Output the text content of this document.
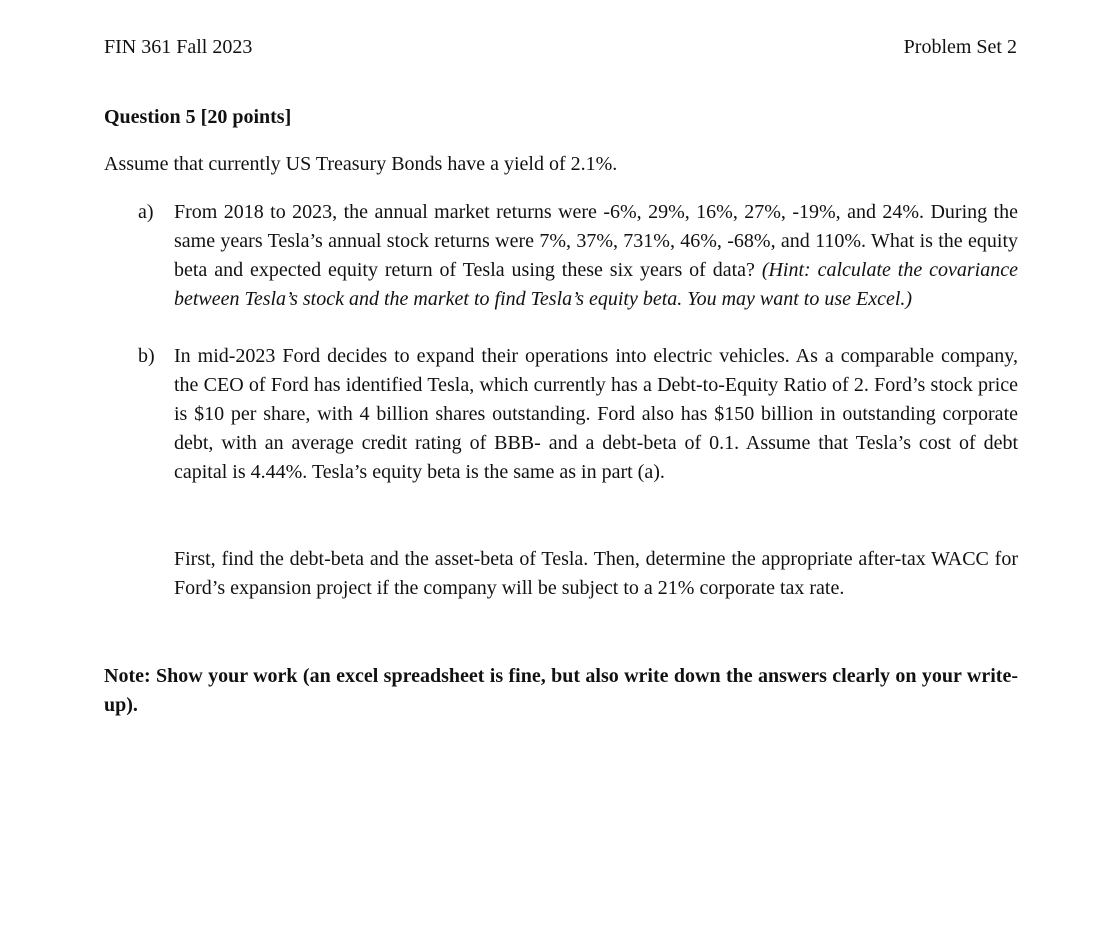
FIN 361 Fall 2023	Problem Set 2
Question 5 [20 points]
Assume that currently US Treasury Bonds have a yield of 2.1%.
a) From 2018 to 2023, the annual market returns were -6%, 29%, 16%, 27%, -19%, and 24%. During the same years Tesla’s annual stock returns were 7%, 37%, 731%, 46%, -68%, and 110%. What is the equity beta and expected equity return of Tesla using these six years of data? (Hint: calculate the covariance between Tesla’s stock and the market to find Tesla’s equity beta. You may want to use Excel.)
b) In mid-2023 Ford decides to expand their operations into electric vehicles. As a comparable company, the CEO of Ford has identified Tesla, which currently has a Debt-to-Equity Ratio of 2. Ford’s stock price is $10 per share, with 4 billion shares outstanding. Ford also has $150 billion in outstanding corporate debt, with an average credit rating of BBB- and a debt-beta of 0.1. Assume that Tesla’s cost of debt capital is 4.44%. Tesla’s equity beta is the same as in part (a).
First, find the debt-beta and the asset-beta of Tesla. Then, determine the appropriate after-tax WACC for Ford’s expansion project if the company will be subject to a 21% corporate tax rate.
Note: Show your work (an excel spreadsheet is fine, but also write down the answers clearly on your write-up).
